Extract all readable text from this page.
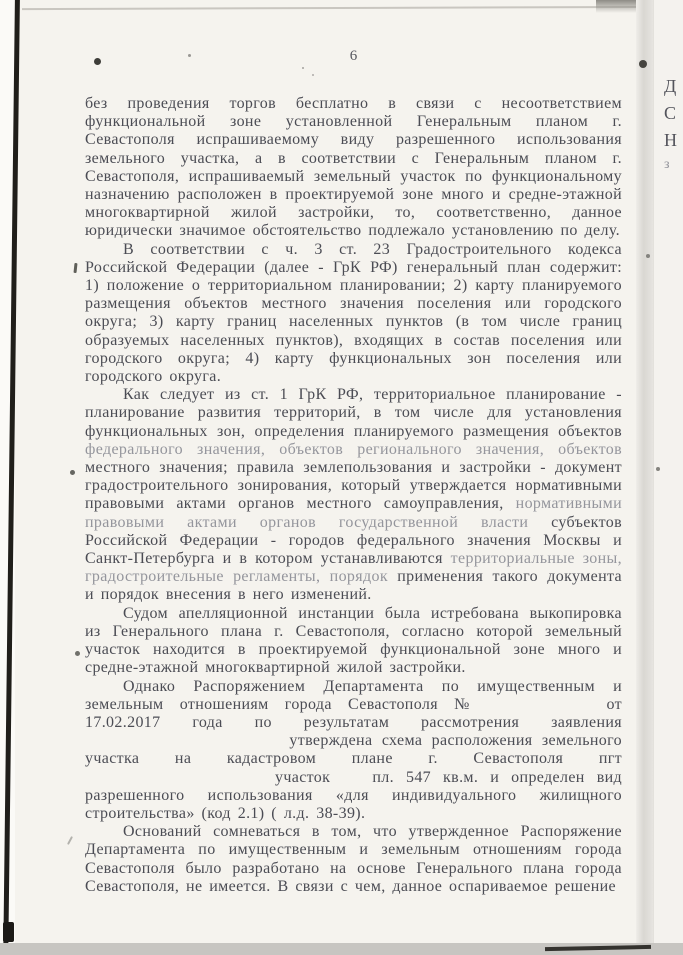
6

без проведения торгов бесплатно в связи с несоответствием функциональной зоне установленной Генеральным планом г. Севастополя испрашиваемому виду разрешенного использования земельного участка, а в соответствии с Генеральным планом г. Севастополя, испрашиваемый земельный участок по функциональному назначению расположен в проектируемой зоне много и средне-этажной многоквартирной жилой застройки, то, соответственно, данное юридически значимое обстоятельство подлежало установлению по делу.

В соответствии с ч. 3 ст. 23 Градостроительного кодекса Российской Федерации (далее - ГрК РФ) генеральный план содержит: 1) положение о территориальном планировании; 2) карту планируемого размещения объектов местного значения поселения или городского округа; 3) карту границ населенных пунктов (в том числе границ образуемых населенных пунктов), входящих в состав поселения или городского округа; 4) карту функциональных зон поселения или городского округа.

Как следует из ст. 1 ГрК РФ, территориальное планирование - планирование развития территорий, в том числе для установления функциональных зон, определения планируемого размещения объектов федерального значения, объектов регионального значения, объектов местного значения; правила землепользования и застройки - документ градостроительного зонирования, который утверждается нормативными правовыми актами органов местного самоуправления, нормативными правовыми актами органов государственной власти субъектов Российской Федерации - городов федерального значения Москвы и Санкт-Петербурга и в котором устанавливаются территориальные зоны, градостроительные регламенты, порядок применения такого документа и порядок внесения в него изменений.

Судом апелляционной инстанции была истребована выкопировка из Генерального плана г. Севастополя, согласно которой земельный участок находится в проектируемой функциональной зоне много и средне-этажной многоквартирной жилой застройки.

Однако Распоряжением Департамента по имущественным и земельным отношениям города Севастополя №	от 17.02.2017 года по результатам рассмотрения заявления  утверждена схема расположения земельного участка на кадастровом плане г. Севастополя пгт  участок	пл. 547 кв.м. и определен вид разрешенного использования «для индивидуального жилищного строительства» (код 2.1) ( л.д. 38-39).

Оснований сомневаться в том, что утвержденное Распоряжение Департамента по имущественным и земельным отношениям города Севастополя было разработано на основе Генерального плана города Севастополя, не имеется. В связи с чем, данное оспариваемое решение

Д
С
Н
з
